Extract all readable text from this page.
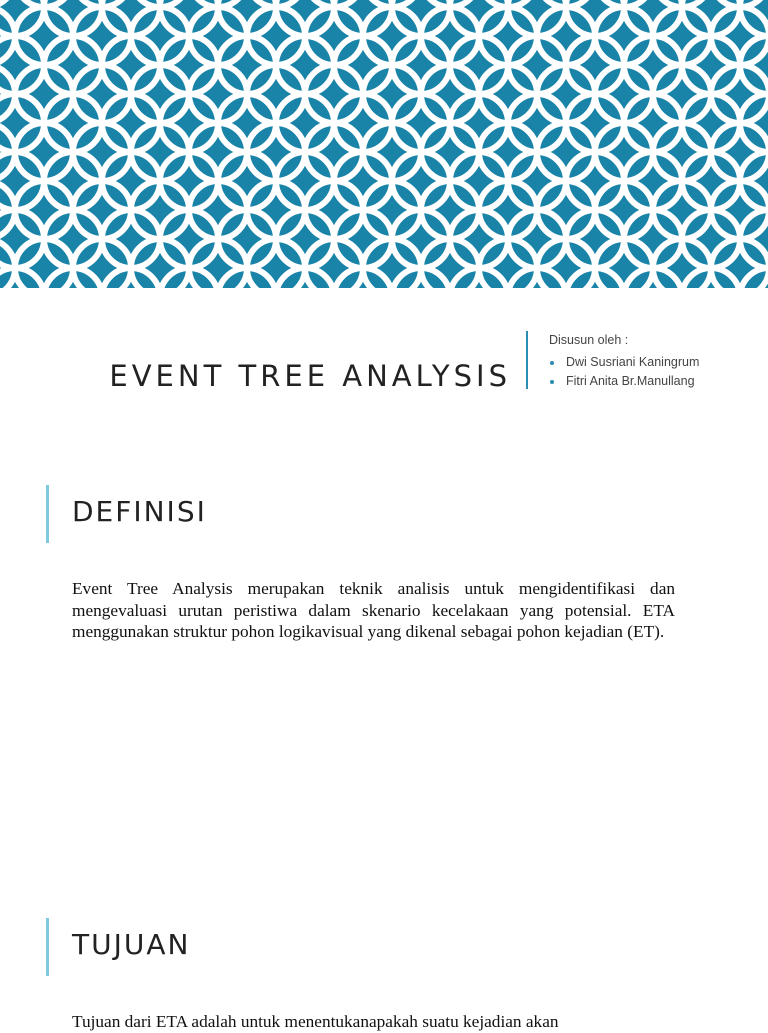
EVENT TREE ANALYSIS

Disusun oleh :

Dwi Susriani Kaningrum
Fitri Anita Br.Manullang
DEFINISI

Event Tree Analysis merupakan teknik analisis untuk mengidentifikasi dan mengevaluasi urutan peristiwa dalam skenario kecelakaan yang potensial. ETA menggunakan struktur pohon logikavisual yang dikenal sebagai pohon kejadian (ET).

TUJUAN

Tujuan dari ETA adalah untuk menentukanapakah suatu kejadian akan
